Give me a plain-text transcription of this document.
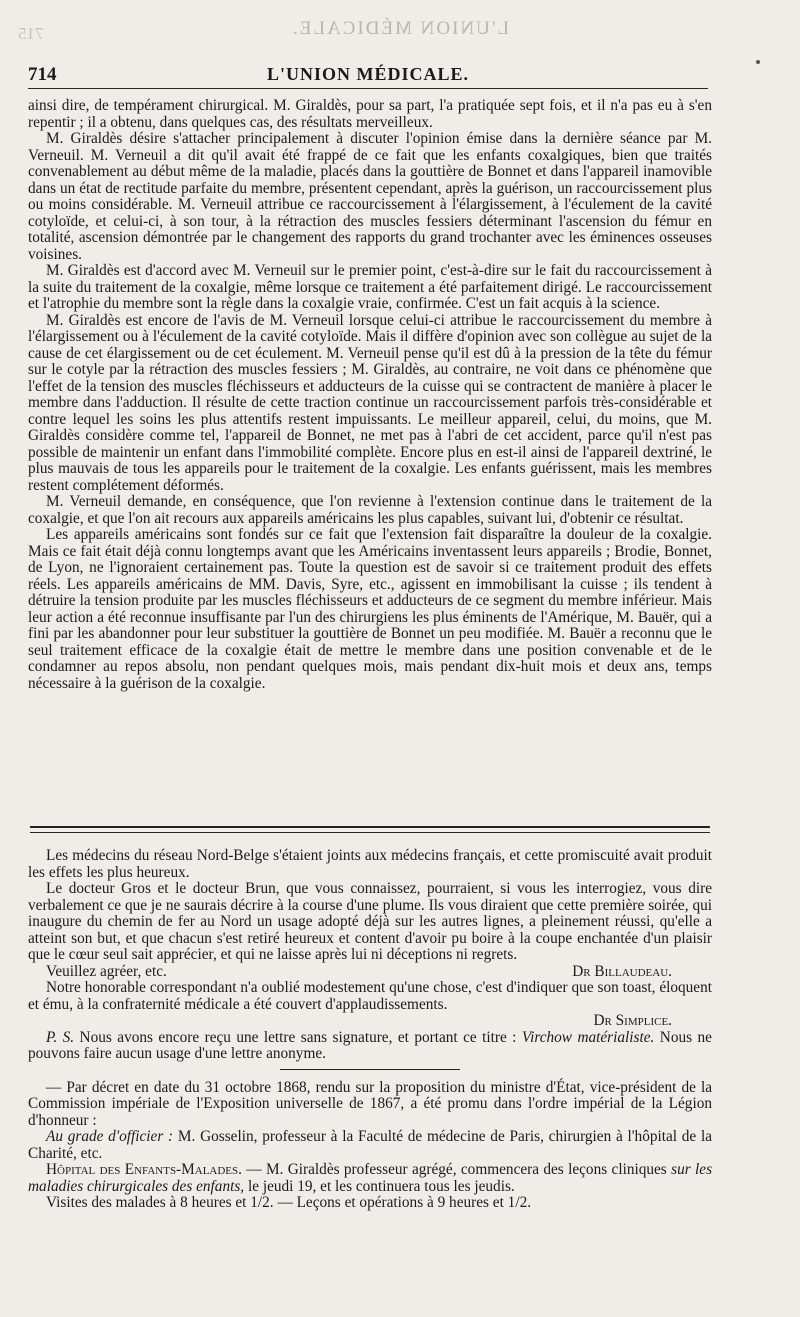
L'UNION MÉDICALE.
715
714	L'UNION MÉDICALE.

ainsi dire, de tempérament chirurgical. M. Giraldès, pour sa part, l'a pratiquée sept fois, et il n'a pas eu à s'en repentir ; il a obtenu, dans quelques cas, des résultats merveilleux.

M. Giraldès désire s'attacher principalement à discuter l'opinion émise dans la dernière séance par M. Verneuil. M. Verneuil a dit qu'il avait été frappé de ce fait que les enfants coxalgiques, bien que traités convenablement au début même de la maladie, placés dans la gouttière de Bonnet et dans l'appareil inamovible dans un état de rectitude parfaite du membre, présentent cependant, après la guérison, un raccourcissement plus ou moins considérable. M. Verneuil attribue ce raccourcissement à l'élargissement, à l'éculement de la cavité cotyloïde, et celui-ci, à son tour, à la rétraction des muscles fessiers déterminant l'ascension du fémur en totalité, ascension démontrée par le changement des rapports du grand trochanter avec les éminences osseuses voisines.

M. Giraldès est d'accord avec M. Verneuil sur le premier point, c'est-à-dire sur le fait du raccourcissement à la suite du traitement de la coxalgie, même lorsque ce traitement a été parfaitement dirigé. Le raccourcissement et l'atrophie du membre sont la règle dans la coxalgie vraie, confirmée. C'est un fait acquis à la science.

M. Giraldès est encore de l'avis de M. Verneuil lorsque celui-ci attribue le raccourcissement du membre à l'élargissement ou à l'éculement de la cavité cotyloïde. Mais il diffère d'opinion avec son collègue au sujet de la cause de cet élargissement ou de cet éculement. M. Verneuil pense qu'il est dû à la pression de la tête du fémur sur le cotyle par la rétraction des muscles fessiers ; M. Giraldès, au contraire, ne voit dans ce phénomène que l'effet de la tension des muscles fléchisseurs et adducteurs de la cuisse qui se contractent de manière à placer le membre dans l'adduction. Il résulte de cette traction continue un raccourcissement parfois très-considérable et contre lequel les soins les plus attentifs restent impuissants. Le meilleur appareil, celui, du moins, que M. Giraldès considère comme tel, l'appareil de Bonnet, ne met pas à l'abri de cet accident, parce qu'il n'est pas possible de maintenir un enfant dans l'immobilité complète. Encore plus en est-il ainsi de l'appareil dextriné, le plus mauvais de tous les appareils pour le traitement de la coxalgie. Les enfants guérissent, mais les membres restent complétement déformés.

M. Verneuil demande, en conséquence, que l'on revienne à l'extension continue dans le traitement de la coxalgie, et que l'on ait recours aux appareils américains les plus capables, suivant lui, d'obtenir ce résultat.

Les appareils américains sont fondés sur ce fait que l'extension fait disparaître la douleur de la coxalgie. Mais ce fait était déjà connu longtemps avant que les Américains inventassent leurs appareils ; Brodie, Bonnet, de Lyon, ne l'ignoraient certainement pas. Toute la question est de savoir si ce traitement produit des effets réels. Les appareils américains de MM. Davis, Syre, etc., agissent en immobilisant la cuisse ; ils tendent à détruire la tension produite par les muscles fléchisseurs et adducteurs de ce segment du membre inférieur. Mais leur action a été reconnue insuffisante par l'un des chirurgiens les plus éminents de l'Amérique, M. Bauër, qui a fini par les abandonner pour leur substituer la gouttière de Bonnet un peu modifiée. M. Bauër a reconnu que le seul traitement efficace de la coxalgie était de mettre le membre dans une position convenable et de le condamner au repos absolu, non pendant quelques mois, mais pendant dix-huit mois et deux ans, temps nécessaire à la guérison de la coxalgie.

Les médecins du réseau Nord-Belge s'étaient joints aux médecins français, et cette promiscuité avait produit les effets les plus heureux.

Le docteur Gros et le docteur Brun, que vous connaissez, pourraient, si vous les interrogiez, vous dire verbalement ce que je ne saurais décrire à la course d'une plume. Ils vous diraient que cette première soirée, qui inaugure du chemin de fer au Nord un usage adopté déjà sur les autres lignes, a pleinement réussi, qu'elle a atteint son but, et que chacun s'est retiré heureux et content d'avoir pu boire à la coupe enchantée d'un plaisir que le cœur seul sait apprécier, et qui ne laisse après lui ni déceptions ni regrets.

Veuillez agréer, etc.	Dr Billaudeau.

Notre honorable correspondant n'a oublié modestement qu'une chose, c'est d'indiquer que son toast, éloquent et ému, à la confraternité médicale a été couvert d'applaudissements.

Dr Simplice.

P. S. Nous avons encore reçu une lettre sans signature, et portant ce titre : Virchow matérialiste. Nous ne pouvons faire aucun usage d'une lettre anonyme.

— Par décret en date du 31 octobre 1868, rendu sur la proposition du ministre d'État, vice-président de la Commission impériale de l'Exposition universelle de 1867, a été promu dans l'ordre impérial de la Légion d'honneur :

Au grade d'officier : M. Gosselin, professeur à la Faculté de médecine de Paris, chirurgien à l'hôpital de la Charité, etc.

Hôpital des Enfants-Malades. — M. Giraldès professeur agrégé, commencera des leçons cliniques sur les maladies chirurgicales des enfants, le jeudi 19, et les continuera tous les jeudis.

Visites des malades à 8 heures et 1/2. — Leçons et opérations à 9 heures et 1/2.
